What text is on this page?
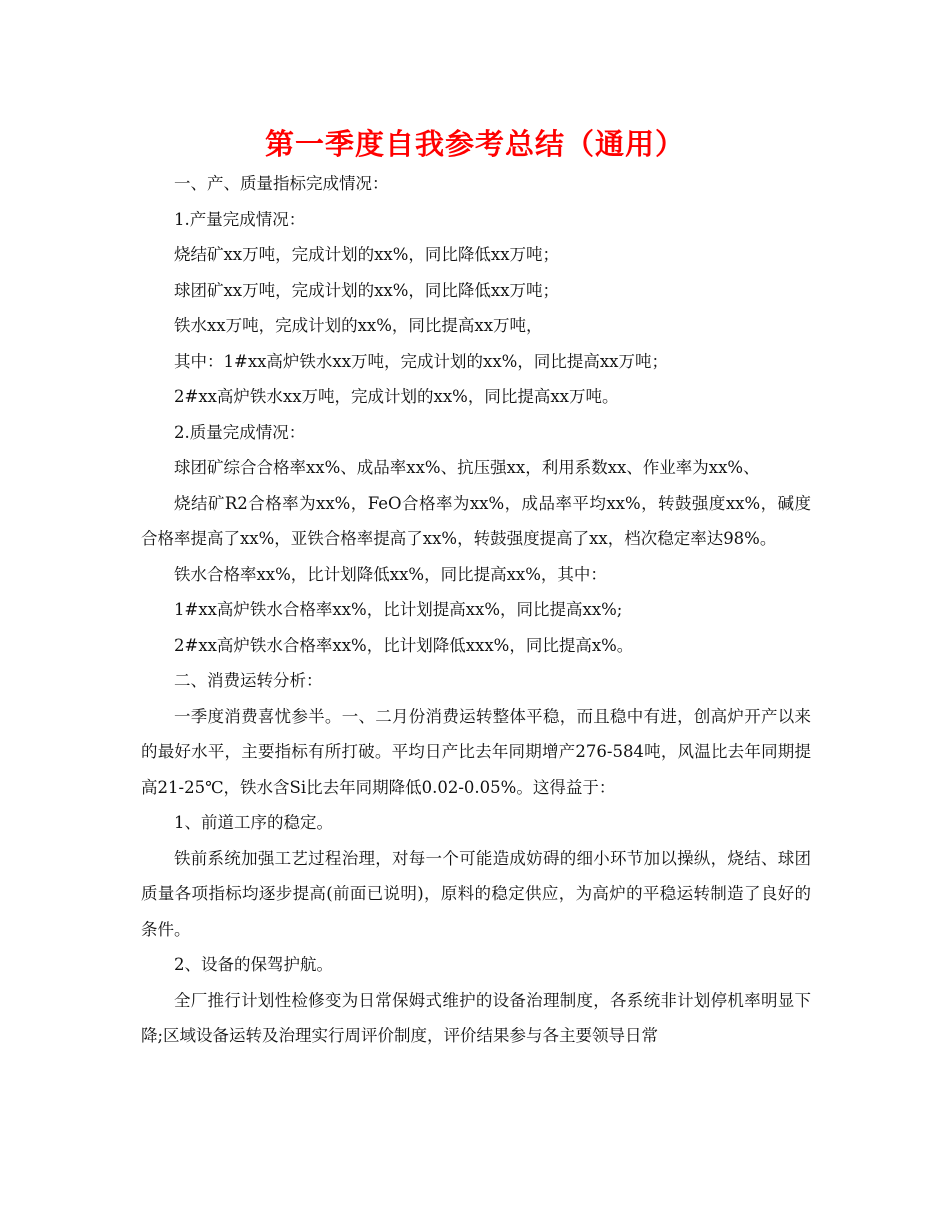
第一季度自我参考总结（通用）

一、产、质量指标完成情况：

1.产量完成情况：

烧结矿xx万吨，完成计划的xx%，同比降低xx万吨；

球团矿xx万吨，完成计划的xx%，同比降低xx万吨；

铁水xx万吨，完成计划的xx%，同比提高xx万吨，

其中：1#xx高炉铁水xx万吨，完成计划的xx%，同比提高xx万吨；

2#xx高炉铁水xx万吨，完成计划的xx%，同比提高xx万吨。

2.质量完成情况：

球团矿综合合格率xx%、成品率xx%、抗压强xx，利用系数xx、作业率为xx%、

烧结矿R2合格率为xx%，FeO合格率为xx%，成品率平均xx%，转鼓强度xx%，碱度合格率提高了xx%，亚铁合格率提高了xx%，转鼓强度提高了xx，档次稳定率达98%。

铁水合格率xx%，比计划降低xx%，同比提高xx%，其中：

1#xx高炉铁水合格率xx%，比计划提高xx%，同比提高xx%;

2#xx高炉铁水合格率xx%，比计划降低xxx%，同比提高x%。

二、消费运转分析：

一季度消费喜忧参半。一、二月份消费运转整体平稳，而且稳中有进，创高炉开产以来的最好水平，主要指标有所打破。平均日产比去年同期增产276-584吨，风温比去年同期提高21-25℃，铁水含Si比去年同期降低0.02-0.05%。这得益于：

1、前道工序的稳定。

铁前系统加强工艺过程治理，对每一个可能造成妨碍的细小环节加以操纵，烧结、球团质量各项指标均逐步提高(前面已说明)，原料的稳定供应，为高炉的平稳运转制造了良好的条件。

2、设备的保驾护航。

全厂推行计划性检修变为日常保姆式维护的设备治理制度，各系统非计划停机率明显下降;区域设备运转及治理实行周评价制度，评价结果参与各主要领导日常
